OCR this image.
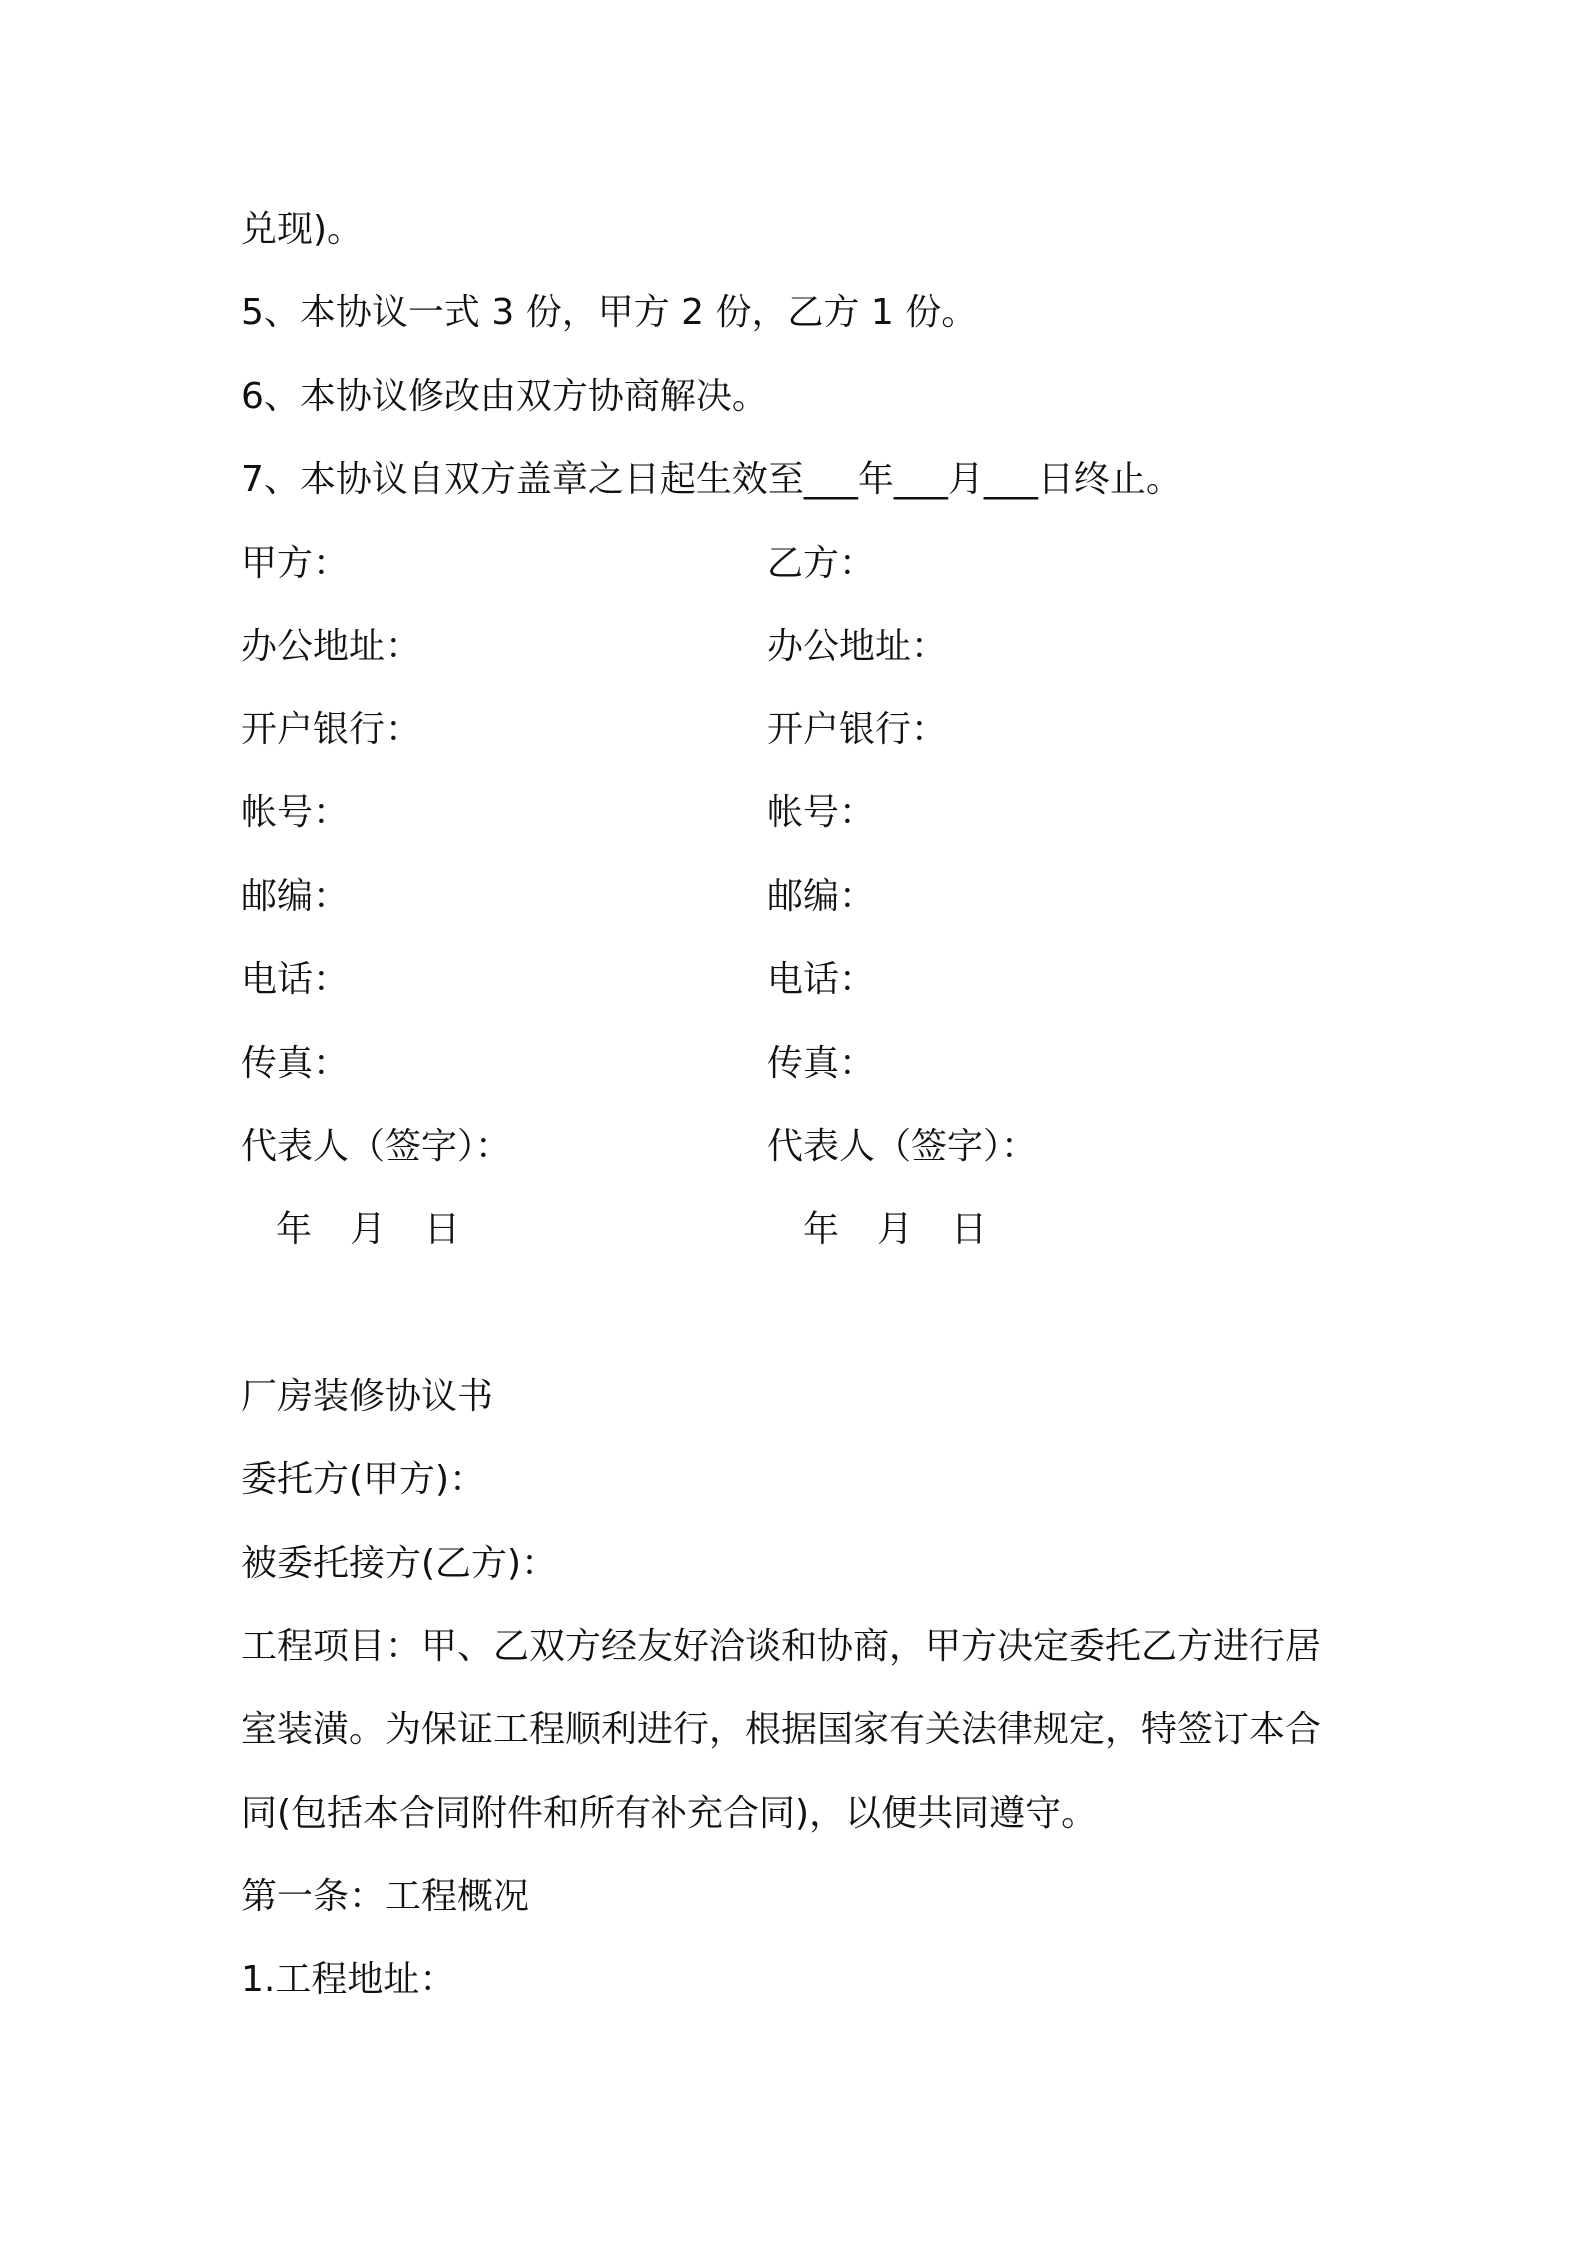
兑现)。
5、本协议一式 3 份，甲方 2 份，乙方 1 份。
6、本协议修改由双方协商解决。
7、本协议自双方盖章之日起生效至___年___月___日终止。
甲方：
办公地址：
开户银行：
帐号：
邮编：
电话：
传真：
代表人（签字）：
年 月 日
乙方：
办公地址：
开户银行：
帐号：
邮编：
电话：
传真：
代表人（签字）：
年 月 日
厂房装修协议书
委托方(甲方)：
被委托接方(乙方)：
工程项目：甲、乙双方经友好洽谈和协商，甲方决定委托乙方进行居
室装潢。为保证工程顺利进行，根据国家有关法律规定，特签订本合
同(包括本合同附件和所有补充合同)，以便共同遵守。
第一条：工程概况
1.工程地址：
